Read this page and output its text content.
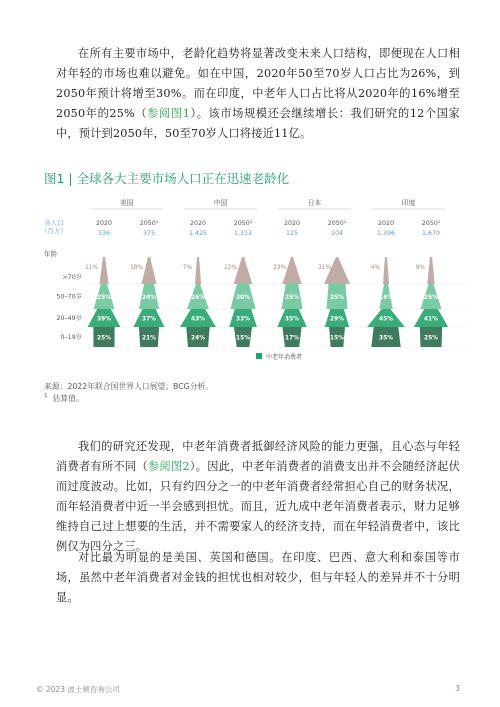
在所有主要市场中，老龄化趋势将显著改变未来人口结构，即便现在人口相对年轻的市场也难以避免。如在中国，2020年50至70岁人口占比为26%，到2050年预计将增至30%。而在印度，中老年人口占比将从2020年的16%增至2050年的25%（参阅图1）。该市场规模还会继续增长：我们研究的12个国家中，预计到2050年，50至70岁人口将接近11亿。

图1 | 全球各大主要市场人口正在迅速老龄化
各人口
（百万）
年龄
>70岁
50–70岁
20–49岁
0–19岁
美国
2020
336
11%
25%
39%
25%
2050¹
375
18%
24%
37%
21%
中国
2020
1,425
7%
26%
43%
24%
2050¹
1,313
22%
30%
33%
15%
日本
2020
125
23%
25%
35%
17%
2050¹
104
31%
25%
29%
15%
印度
2020
1,396
4%
16%
45%
35%
2050¹
1,670
9%
25%
41%
25%
中老年消费者
来源：2022年联合国世界人口展望；BCG分析。
$^1$ 估算值。

我们的研究还发现，中老年消费者抵御经济风险的能力更强，且心态与年轻消费者有所不同（参阅图2）。因此，中老年消费者的消费支出并不会随经济起伏而过度波动。比如，只有约四分之一的中老年消费者经常担心自己的财务状况，而年轻消费者中近一半会感到担忧。而且，近九成中老年消费者表示，财力足够维持自己过上想要的生活，并不需要家人的经济支持，而在年轻消费者中，该比例仅为四分之三。

对比最为明显的是美国、英国和德国。在印度、巴西、意大利和泰国等市场，虽然中老年消费者对金钱的担忧也相对较少，但与年轻人的差异并不十分明显。

© 2023 波士顿咨询公司	3
